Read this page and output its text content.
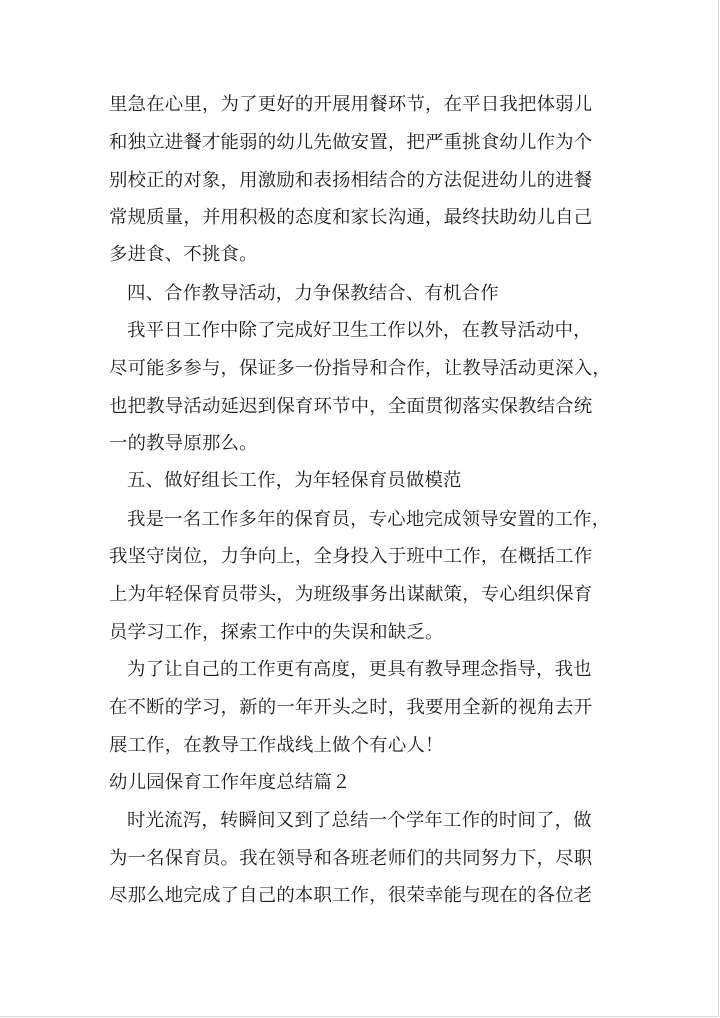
里急在心里，为了更好的开展用餐环节，在平日我把体弱儿
和独立进餐才能弱的幼儿先做安置，把严重挑食幼儿作为个
别校正的对象，用激励和表扬相结合的方法促进幼儿的进餐
常规质量，并用积极的态度和家长沟通，最终扶助幼儿自己
多进食、不挑食。
四、合作教导活动，力争保教结合、有机合作
我平日工作中除了完成好卫生工作以外，在教导活动中，
尽可能多参与，保证多一份指导和合作，让教导活动更深入，
也把教导活动延迟到保育环节中，全面贯彻落实保教结合统
一的教导原那么。
五、做好组长工作，为年轻保育员做模范
我是一名工作多年的保育员，专心地完成领导安置的工作，
我坚守岗位，力争向上，全身投入于班中工作，在概括工作
上为年轻保育员带头，为班级事务出谋献策，专心组织保育
员学习工作，探索工作中的失误和缺乏。
为了让自己的工作更有高度，更具有教导理念指导，我也
在不断的学习，新的一年开头之时，我要用全新的视角去开
展工作，在教导工作战线上做个有心人！
幼儿园保育工作年度总结篇２
时光流泻，转瞬间又到了总结一个学年工作的时间了，做
为一名保育员。我在领导和各班老师们的共同努力下，尽职
尽那么地完成了自己的本职工作，很荣幸能与现在的各位老
